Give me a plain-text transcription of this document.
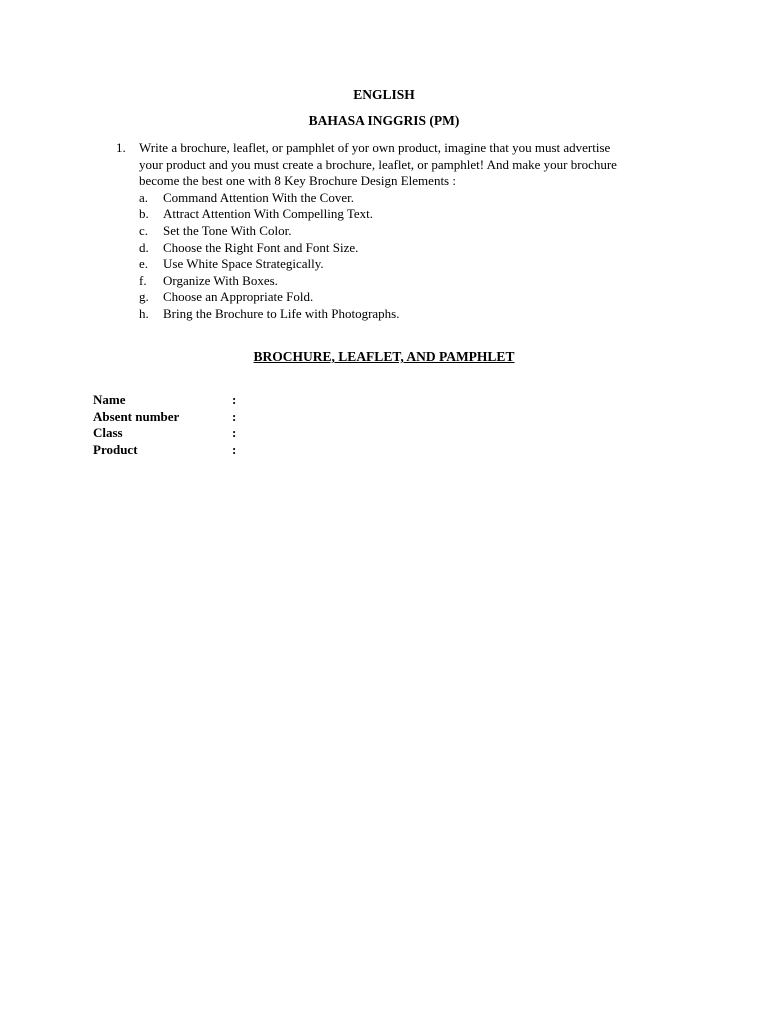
ENGLISH
BAHASA INGGRIS (PM)
1.	Write a brochure, leaflet, or pamphlet of yor own product, imagine that you must advertise
your product and you must create a brochure, leaflet, or pamphlet! And make your brochure
become the best one with 8 Key Brochure Design Elements :
a.	Command Attention With the Cover.
b.	Attract Attention With Compelling Text.
c.	Set the Tone With Color.
d.	Choose the Right Font and Font Size.
e.	Use White Space Strategically.
f.	Organize With Boxes.
g.	Choose an Appropriate Fold.
h.	Bring the Brochure to Life with Photographs.
BROCHURE, LEAFLET, AND PAMPHLET
Name	:
Absent number	:
Class	:
Product	:
